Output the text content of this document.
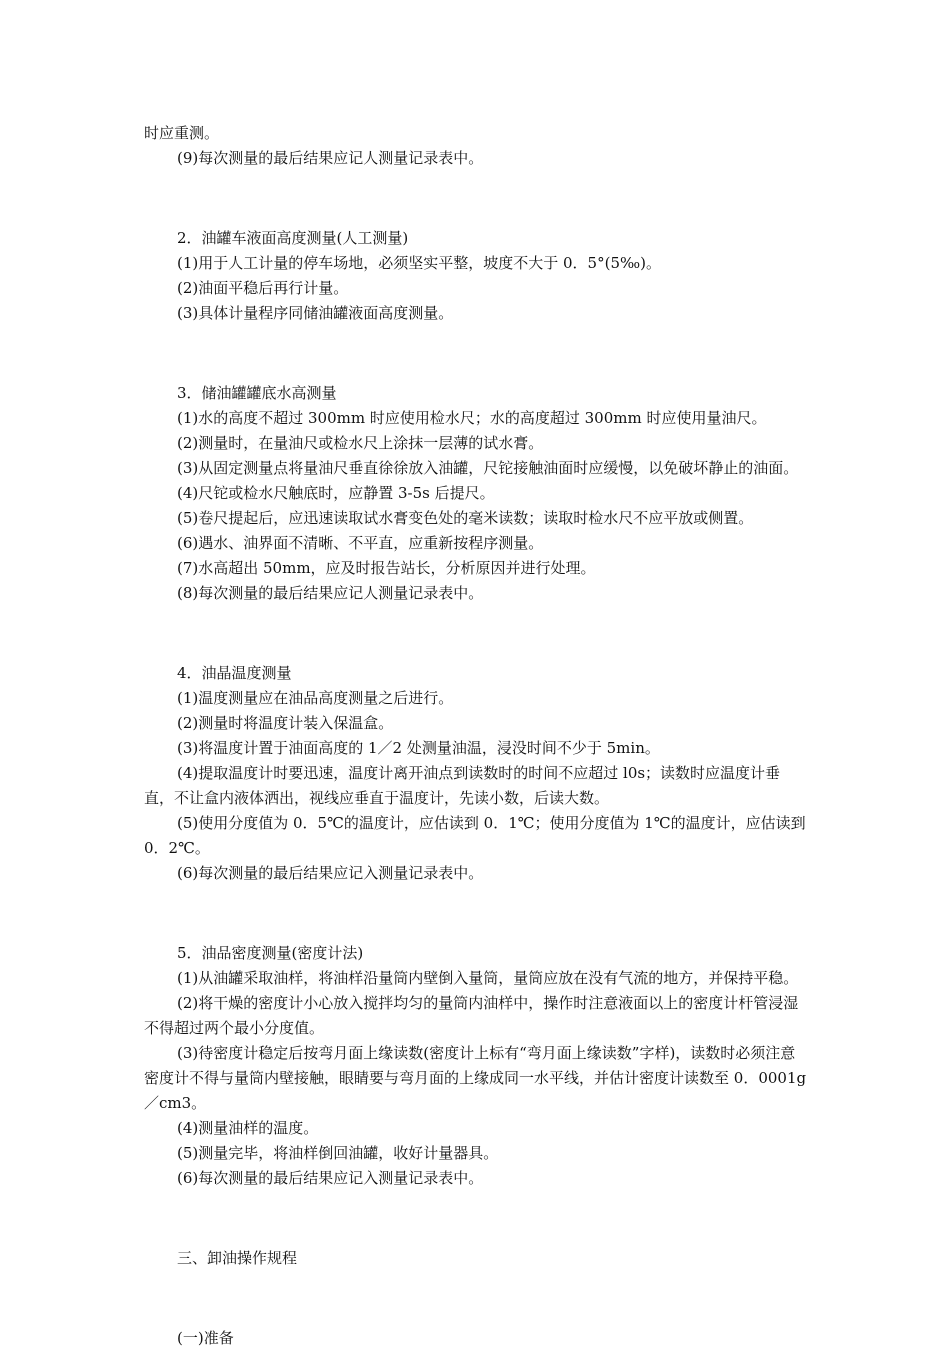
时应重测。

(9)每次测量的最后结果应记人测量记录表中。

2．油罐车液面高度测量(人工测量)

(1)用于人工计量的停车场地，必须坚实平整，坡度不大于 0．5°(5‰)。

(2)油面平稳后再行计量。

(3)具体计量程序同储油罐液面高度测量。

3．储油罐罐底水高测量

(1)水的高度不超过 300mm 时应使用检水尺；水的高度超过 300mm 时应使用量油尺。

(2)测量时，在量油尺或检水尺上涂抹一层薄的试水膏。

(3)从固定测量点将量油尺垂直徐徐放入油罐，尺铊接触油面时应缓慢，以免破坏静止的油面。

(4)尺铊或检水尺触底时，应静置 3-5s 后提尺。

(5)卷尺提起后，应迅速读取试水膏变色处的毫米读数；读取时检水尺不应平放或侧置。

(6)遇水、油界面不清晰、不平直，应重新按程序测量。

(7)水高超出 50mm，应及时报告站长，分析原因并进行处理。

(8)每次测量的最后结果应记人测量记录表中。

4．油晶温度测量

(1)温度测量应在油品高度测量之后进行。

(2)测量时将温度计装入保温盒。

(3)将温度计置于油面高度的 1／2 处测量油温，浸没时间不少于 5min。

(4)提取温度计时要迅速，温度计离开油点到读数时的时间不应超过 l0s；读数时应温度计垂直，不让盒内液体洒出，视线应垂直于温度计，先读小数，后读大数。

(5)使用分度值为 0．5℃的温度计，应估读到 0．1℃；使用分度值为 1℃的温度计，应估读到 0．2℃。

(6)每次测量的最后结果应记入测量记录表中。

5．油品密度测量(密度计法)

(1)从油罐采取油样，将油样沿量筒内壁倒入量筒，量筒应放在没有气流的地方，并保持平稳。

(2)将干燥的密度计小心放入搅拌均匀的量筒内油样中，操作时注意液面以上的密度计杆管浸湿不得超过两个最小分度值。

(3)待密度计稳定后按弯月面上缘读数(密度计上标有“弯月面上缘读数”字样)，读数时必须注意密度计不得与量筒内壁接触，眼睛要与弯月面的上缘成同一水平线，并估计密度计读数至 0．0001g／cm3。

(4)测量油样的温度。

(5)测量完毕，将油样倒回油罐，收好计量器具。

(6)每次测量的最后结果应记入测量记录表中。

三、卸油操作规程

(一)准备
